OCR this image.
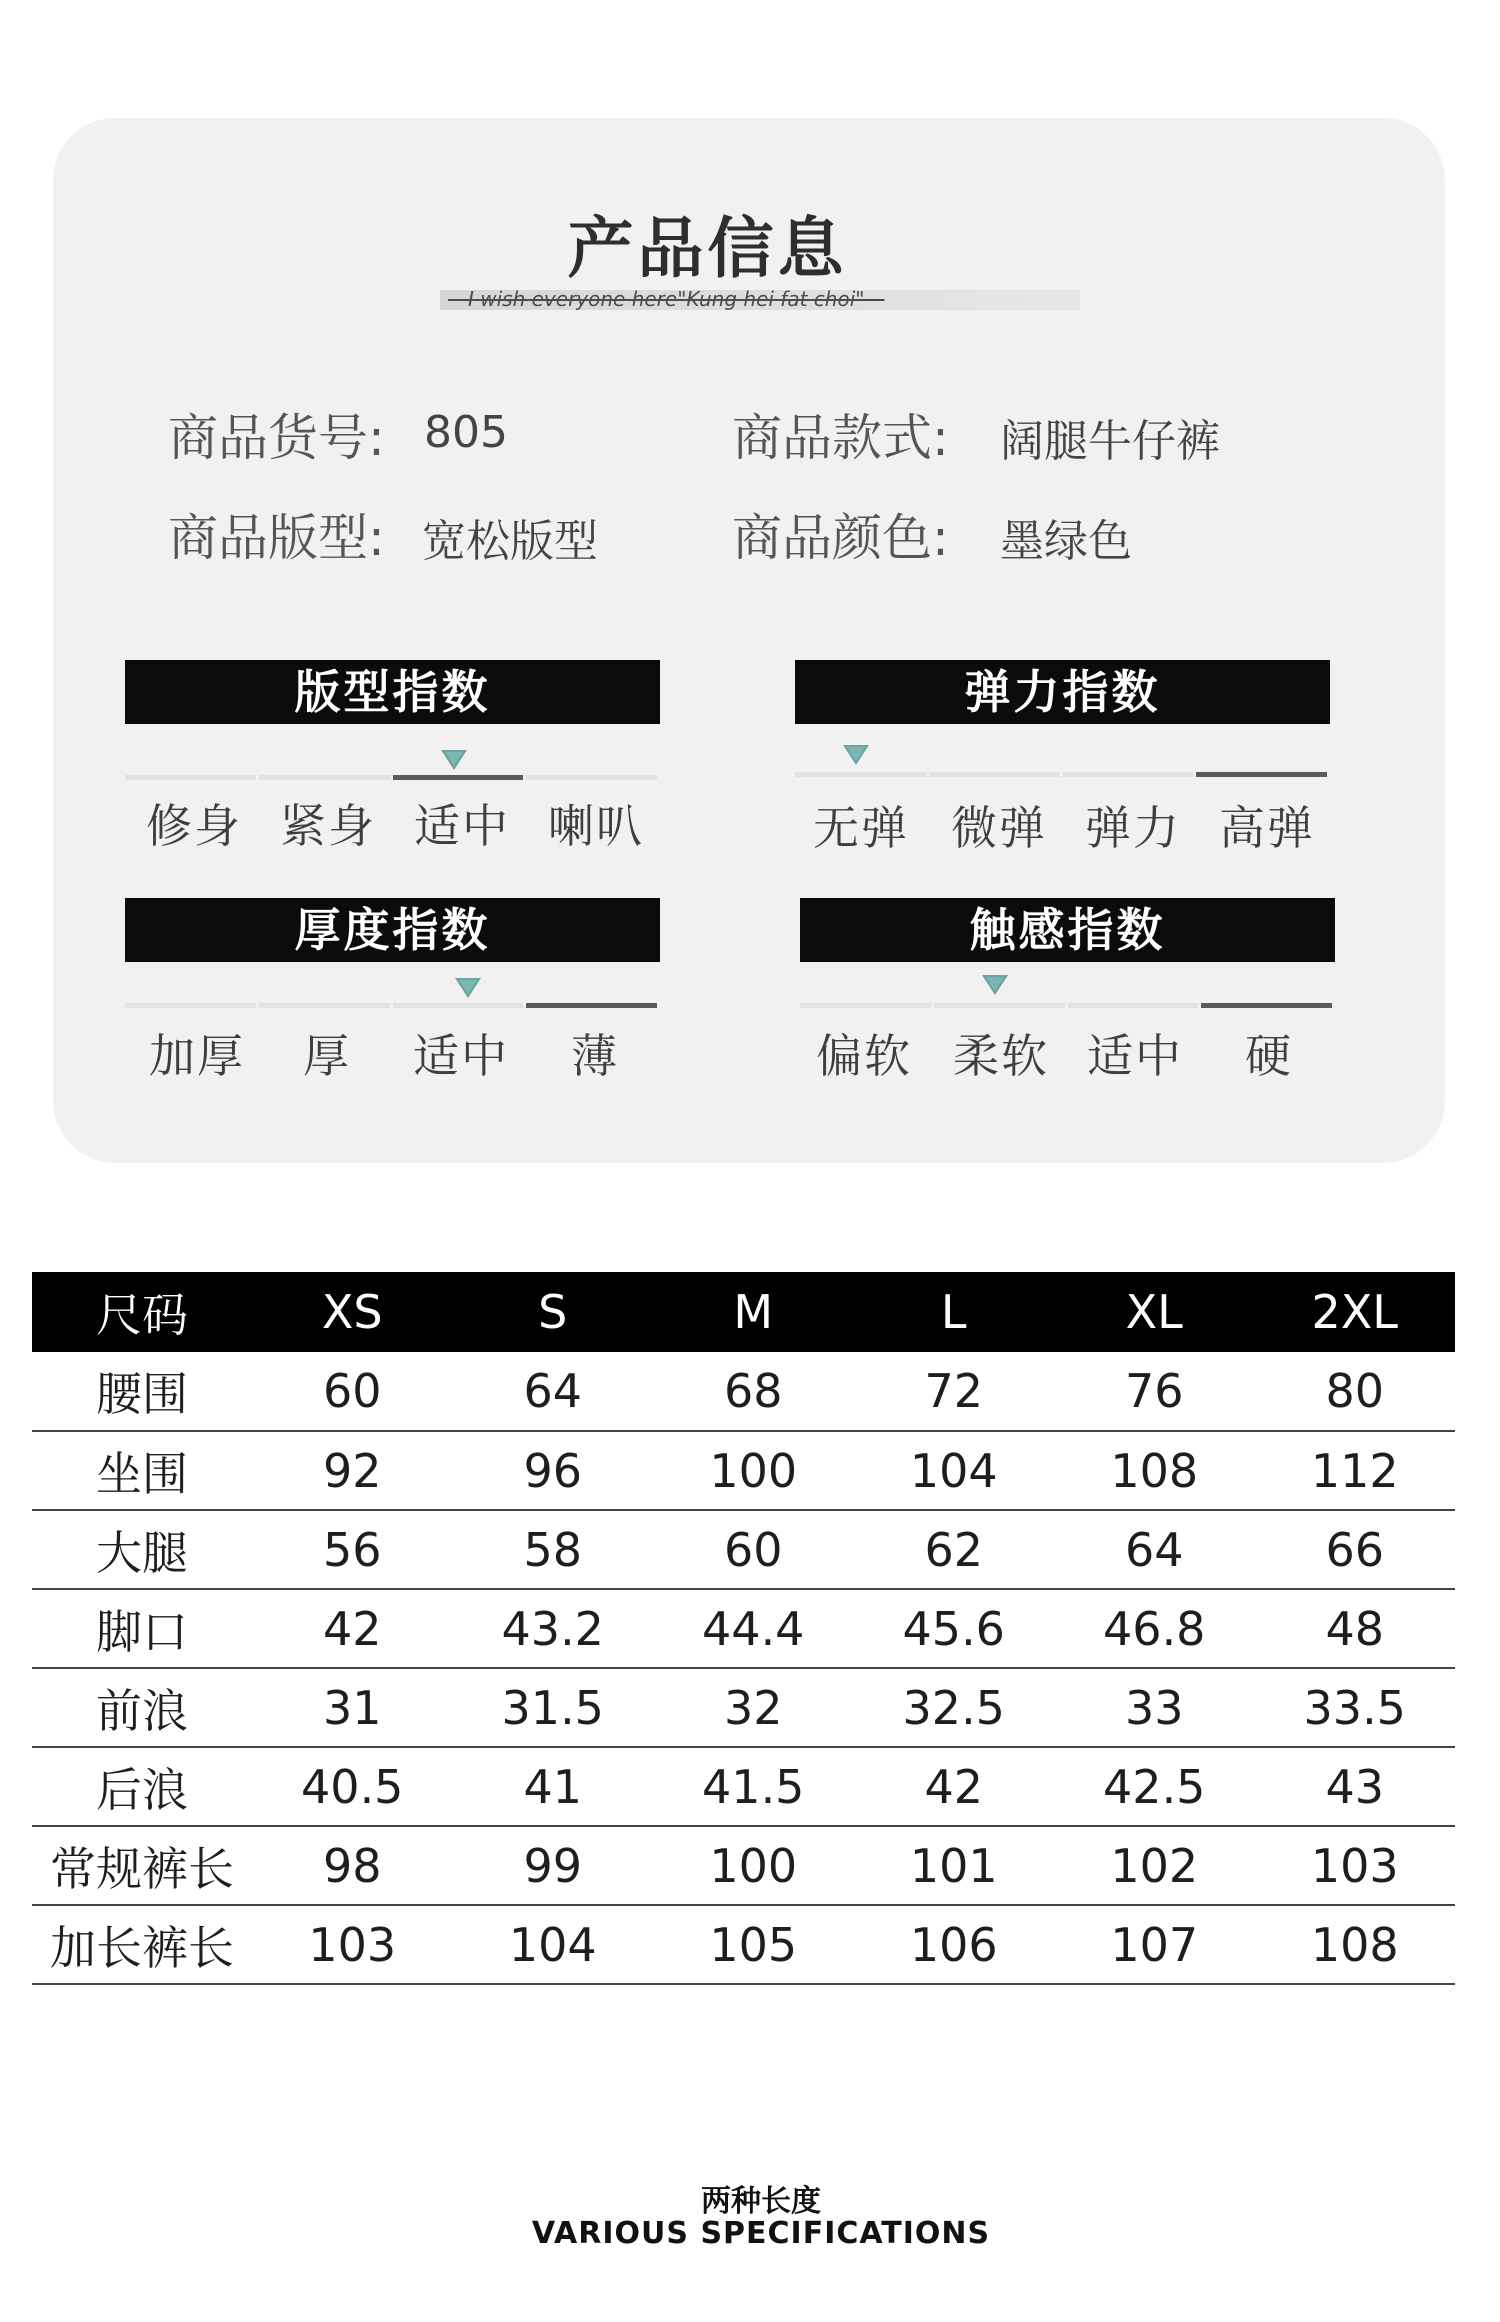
产品信息
—I wish everyone here"Kung hei fat choi"—
商品货号: 805	商品款式: 阔腿牛仔裤
商品版型: 宽松版型	商品颜色: 墨绿色
版型指数
修身 紧身 适中 喇叭
弹力指数
无弹 微弹 弹力 高弹
厚度指数
加厚	厚	适中	薄
触感指数
偏软 柔软 适中	硬
尺码	XS	S	M	L	XL	2XL
腰围	60	64	68	72	76	80
坐围	92	96	100	104	108	112
大腿	56	58	60	62	64	66
脚口	42	43.2	44.4	45.6	46.8	48
前浪	31	31.5	32	32.5	33	33.5
后浪	40.5	41	41.5	42	42.5	43
常规裤长	98	99	100	101	102	103
加长裤长	103	104	105	106	107	108
两种长度
VARIOUS SPECIFICATIONS
